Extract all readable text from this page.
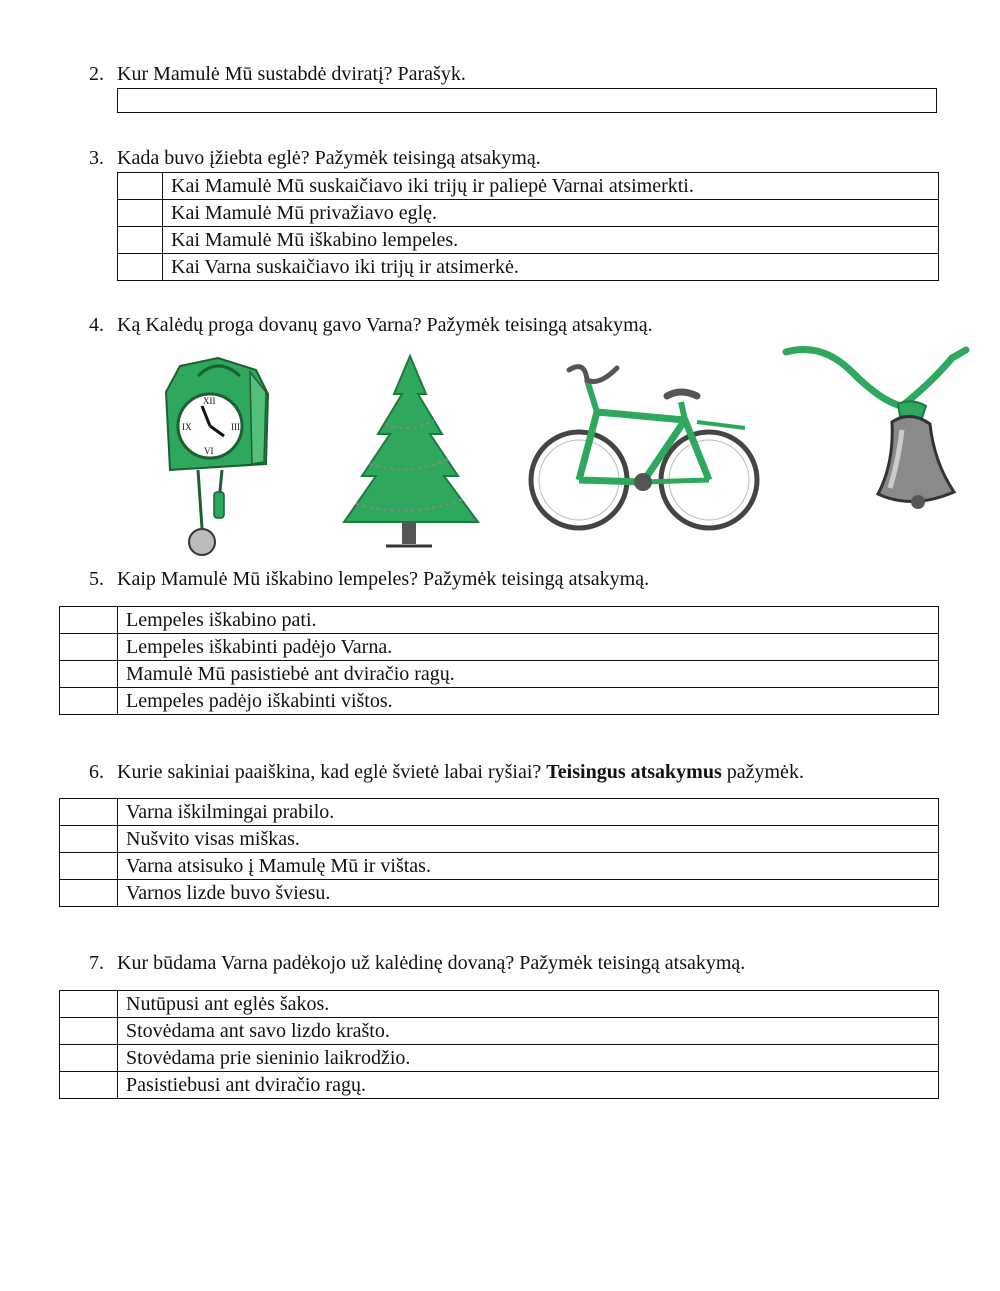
2. Kur Mamulė Mū sustabdė dviratį? Parašyk.
3. Kada buvo įžiebta eglė? Pažymėk teisingą atsakymą.
	Kai Mamulė Mū suskaičiavo iki trijų ir paliepė Varnai atsimerkti.
	Kai Mamulė Mū privažiavo eglę.
	Kai Mamulė Mū iškabino lempeles.
	Kai Varna suskaičiavo iki trijų ir atsimerkė.
4. Ką Kalėdų proga dovanų gavo Varna? Pažymėk teisingą atsakymą.
XII
IX	III
VI
5. Kaip Mamulė Mū iškabino lempeles? Pažymėk teisingą atsakymą.
	Lempeles iškabino pati.
	Lempeles iškabinti padėjo Varna.
	Mamulė Mū pasistiebė ant dviračio ragų.
	Lempeles padėjo iškabinti vištos.
6. Kurie sakiniai paaiškina, kad eglė švietė labai ryšiai? Teisingus atsakymus pažymėk.
	Varna iškilmingai prabilo.
	Nušvito visas miškas.
	Varna atsisuko į Mamulę Mū ir vištas.
	Varnos lizde buvo šviesu.
7. Kur būdama Varna padėkojo už kalėdinę dovaną? Pažymėk teisingą atsakymą.
	Nutūpusi ant eglės šakos.
	Stovėdama ant savo lizdo krašto.
	Stovėdama prie sieninio laikrodžio.
	Pasistiebusi ant dviračio ragų.
